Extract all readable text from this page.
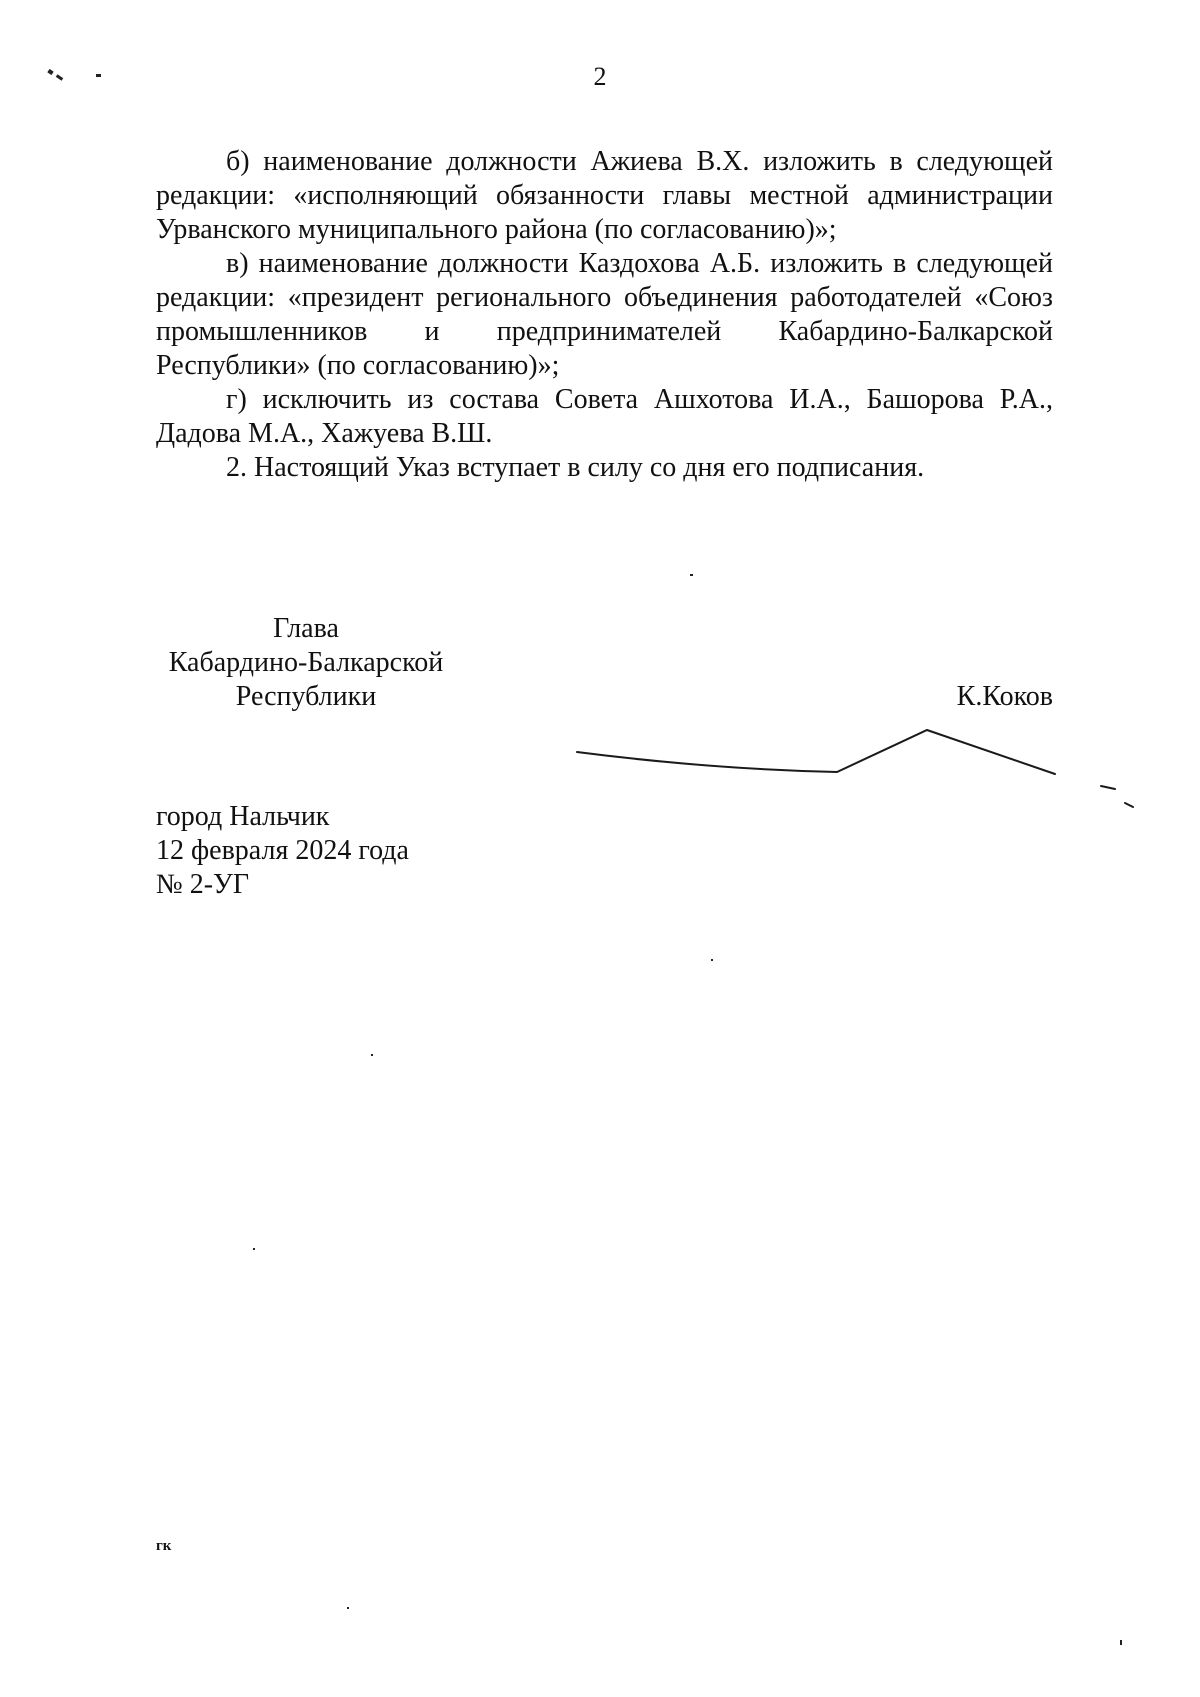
2

б) наименование должности Ажиева В.Х. изложить в следующей редакции: «исполняющий обязанности главы местной администрации Урванского муниципального района (по согласованию)»;

в) наименование должности Каздохова А.Б. изложить в следующей редакции: «президент регионального объединения работодателей «Союз промышленников и предпринимателей Кабардино-Балкарской Республики» (по согласованию)»;

г) исключить из состава Совета Ашхотова И.А., Башорова Р.А., Дадова М.А., Хажуева В.Ш.

2. Настоящий Указ вступает в силу со дня его подписания.

Глава
Кабардино-Балкарской
Республики	К.Коков
город Нальчик
12 февраля 2024 года
№ 2-УГ
гк
